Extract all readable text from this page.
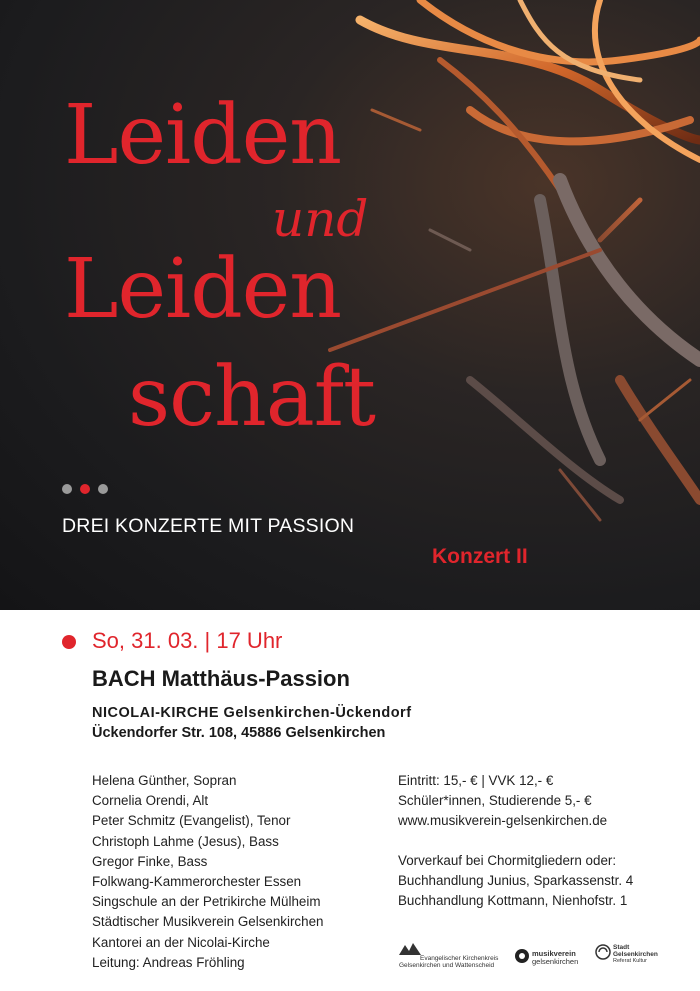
Leiden
und
Leiden
schaft
DREI KONZERTE MIT PASSION
Konzert II
So, 31. 03. | 17 Uhr
BACH Matthäus-Passion
NICOLAI-KIRCHE Gelsenkirchen-Ückendorf
Ückendorfer Str. 108, 45886 Gelsenkirchen
Helena Günther, Sopran
Cornelia Orendi, Alt
Peter Schmitz (Evangelist), Tenor
Christoph Lahme (Jesus), Bass
Gregor Finke, Bass
Folkwang-Kammerorchester Essen
Singschule an der Petrikirche Mülheim
Städtischer Musikverein Gelsenkirchen
Kantorei an der Nicolai-Kirche
Leitung: Andreas Fröhling
Eintritt: 15,- € | VVK 12,- €
Schüler*innen, Studierende 5,- €
www.musikverein-gelsenkirchen.de
Vorverkauf bei Chormitgliedern oder:
Buchhandlung Junius, Sparkassenstr. 4
Buchhandlung Kottmann, Nienhofstr. 1
Evangelischer Kirchenkreis
Gelsenkirchen und Wattenscheid
musikverein
gelsenkirchen
Stadt
Gelsenkirchen
Referat Kultur
